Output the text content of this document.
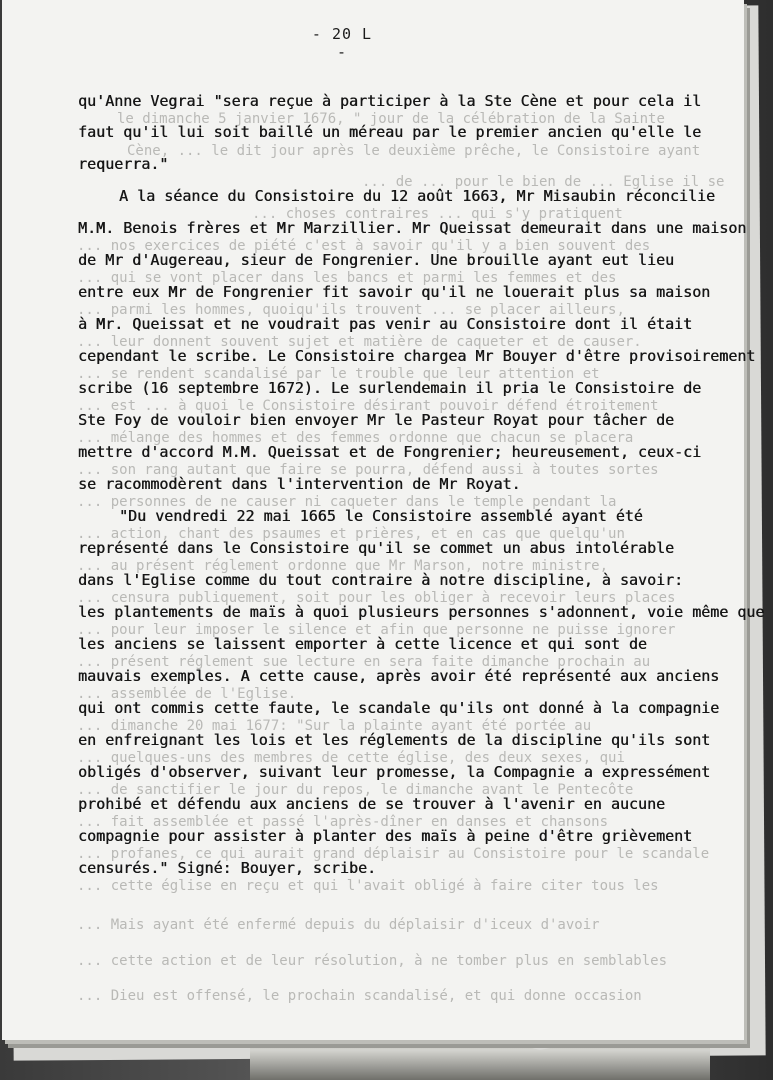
le dimanche 5 janvier 1676, " jour de la célébration de la Sainte
Cène, ... le dit jour après le deuxième prêche, le Consistoire ayant
... de ... pour le bien de ... Eglise il se
... choses contraires ... qui s'y pratiquent
... nos exercices de piété c'est à savoir qu'il y a bien souvent des
... qui se vont placer dans les bancs et parmi les femmes et des
... parmi les hommes, quoiqu'ils trouvent ... se placer ailleurs,
... leur donnent souvent sujet et matière de caqueter et de causer.
... se rendent scandalisé par le trouble que leur attention et
... est ... à quoi le Consistoire désirant pouvoir défend étroitement
... mélange des hommes et des femmes ordonne que chacun se placera
... son rang autant que faire se pourra, défend aussi à toutes sortes
... personnes de ne causer ni caqueter dans le temple pendant la
... action, chant des psaumes et prières, et en cas que quelqu'un
... au présent réglement ordonne que Mr Marson, notre ministre,
... censura publiquement, soit pour les obliger à recevoir leurs places
... pour leur imposer le silence et afin que personne ne puisse ignorer
... présent réglement sue lecture en sera faite dimanche prochain au
... assemblée de l'Eglise.
... dimanche 20 mai 1677: "Sur la plainte ayant été portée au
... quelques-uns des membres de cette église, des deux sexes, qui
... de sanctifier le jour du repos, le dimanche avant le Pentecôte
... fait assemblée et passé l'après-dîner en danses et chansons
... profanes, ce qui aurait grand déplaisir au Consistoire pour le scandale
... cette église en reçu et qui l'avait obligé à faire citer tous les
... Mais ayant été enfermé depuis du déplaisir d'iceux d'avoir
... cette action et de leur résolution, à ne tomber plus en semblables
... Dieu est offensé, le prochain scandalisé, et qui donne occasion
- 20 L -
qu'Anne Vegrai "sera reçue à participer à la Ste Cène et pour cela il
faut qu'il lui soit baillé un méreau par le premier ancien qu'elle le
requerra."
A la séance du Consistoire du 12 août 1663, Mr Misaubin réconcilie
M.M. Benois frères et Mr Marzillier. Mr Queissat demeurait dans une maison
de Mr d'Augereau, sieur de Fongrenier. Une brouille ayant eut lieu
entre eux Mr de Fongrenier fit savoir qu'il ne louerait plus sa maison
à Mr. Queissat et ne voudrait pas venir au Consistoire dont il était
cependant le scribe. Le Consistoire chargea Mr Bouyer d'être provisoirement
scribe (16 septembre 1672). Le surlendemain il pria le Consistoire de
Ste Foy de vouloir bien envoyer Mr le Pasteur Royat pour tâcher de
mettre d'accord M.M. Queissat et de Fongrenier; heureusement, ceux-ci
se racommodèrent dans l'intervention de Mr Royat.
"Du vendredi 22 mai 1665 le Consistoire assemblé ayant été
représenté dans le Consistoire qu'il se commet un abus intolérable
dans l'Eglise comme du tout contraire à notre discipline, à savoir:
les plantements de maïs à quoi plusieurs personnes s'adonnent, voie même que
les anciens se laissent emporter à cette licence et qui sont de
mauvais exemples. A cette cause, après avoir été représenté aux anciens
qui ont commis cette faute, le scandale qu'ils ont donné à la compagnie
en enfreignant les lois et les réglements de la discipline qu'ils sont
obligés d'observer, suivant leur promesse, la Compagnie a expressément
prohibé et défendu aux anciens de se trouver à l'avenir en aucune
compagnie pour assister à planter des maïs à peine d'être grièvement
censurés." Signé: Bouyer, scribe.
